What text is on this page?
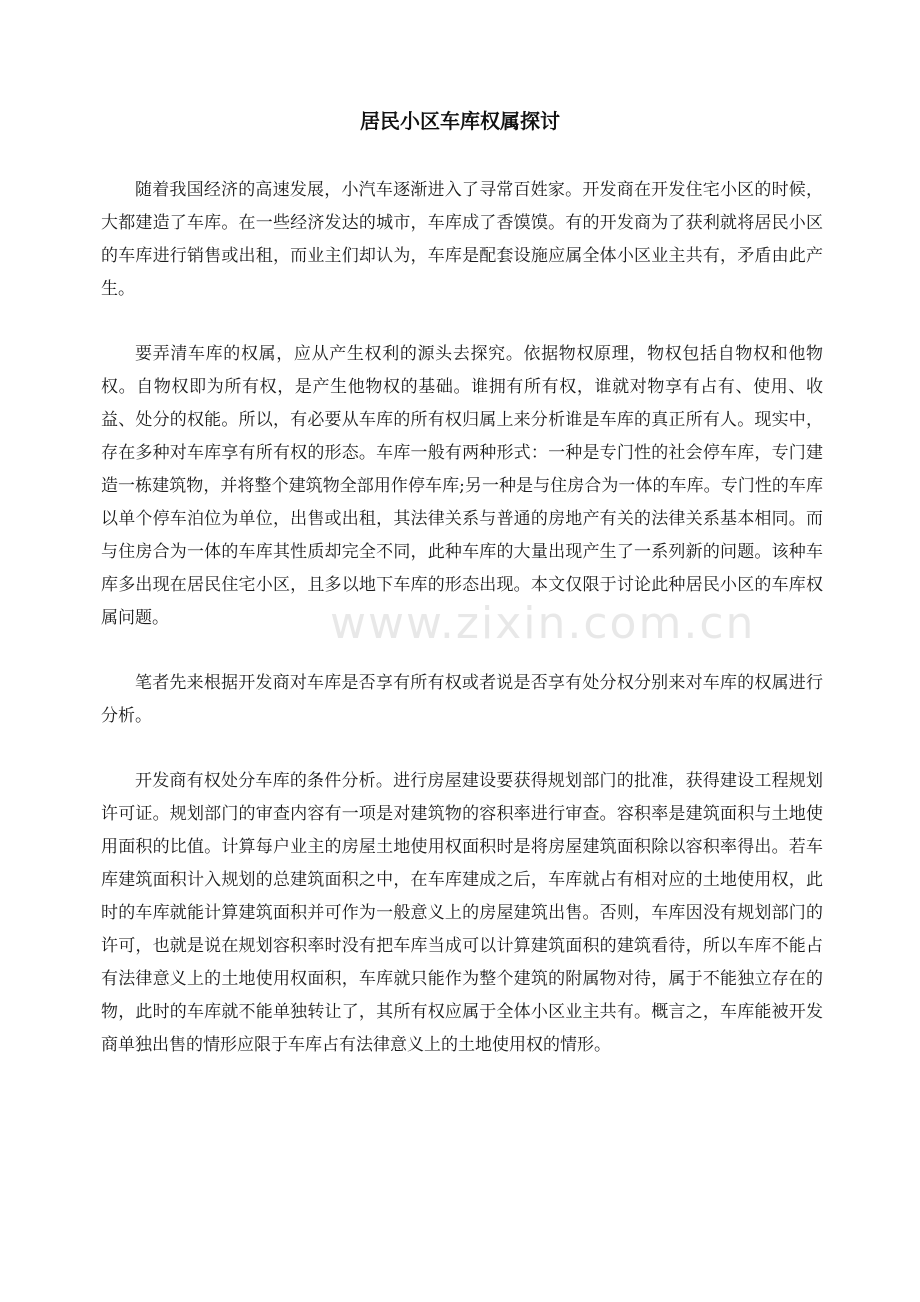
居民小区车库权属探讨

随着我国经济的高速发展，小汽车逐渐进入了寻常百姓家。开发商在开发住宅小区的时候，大都建造了车库。在一些经济发达的城市，车库成了香馍馍。有的开发商为了获利就将居民小区的车库进行销售或出租，而业主们却认为，车库是配套设施应属全体小区业主共有，矛盾由此产生。

要弄清车库的权属，应从产生权利的源头去探究。依据物权原理，物权包括自物权和他物权。自物权即为所有权，是产生他物权的基础。谁拥有所有权，谁就对物享有占有、使用、收益、处分的权能。所以，有必要从车库的所有权归属上来分析谁是车库的真正所有人。现实中，存在多种对车库享有所有权的形态。车库一般有两种形式：一种是专门性的社会停车库，专门建造一栋建筑物，并将整个建筑物全部用作停车库;另一种是与住房合为一体的车库。专门性的车库以单个停车泊位为单位，出售或出租，其法律关系与普通的房地产有关的法律关系基本相同。而与住房合为一体的车库其性质却完全不同，此种车库的大量出现产生了一系列新的问题。该种车库多出现在居民住宅小区，且多以地下车库的形态出现。本文仅限于讨论此种居民小区的车库权属问题。

笔者先来根据开发商对车库是否享有所有权或者说是否享有处分权分别来对车库的权属进行分析。

开发商有权处分车库的条件分析。进行房屋建设要获得规划部门的批准，获得建设工程规划许可证。规划部门的审查内容有一项是对建筑物的容积率进行审查。容积率是建筑面积与土地使用面积的比值。计算每户业主的房屋土地使用权面积时是将房屋建筑面积除以容积率得出。若车库建筑面积计入规划的总建筑面积之中，在车库建成之后，车库就占有相对应的土地使用权，此时的车库就能计算建筑面积并可作为一般意义上的房屋建筑出售。否则，车库因没有规划部门的许可，也就是说在规划容积率时没有把车库当成可以计算建筑面积的建筑看待，所以车库不能占有法律意义上的土地使用权面积，车库就只能作为整个建筑的附属物对待，属于不能独立存在的物，此时的车库就不能单独转让了，其所有权应属于全体小区业主共有。概言之，车库能被开发商单独出售的情形应限于车库占有法律意义上的土地使用权的情形。

www.zixin.com.cn
